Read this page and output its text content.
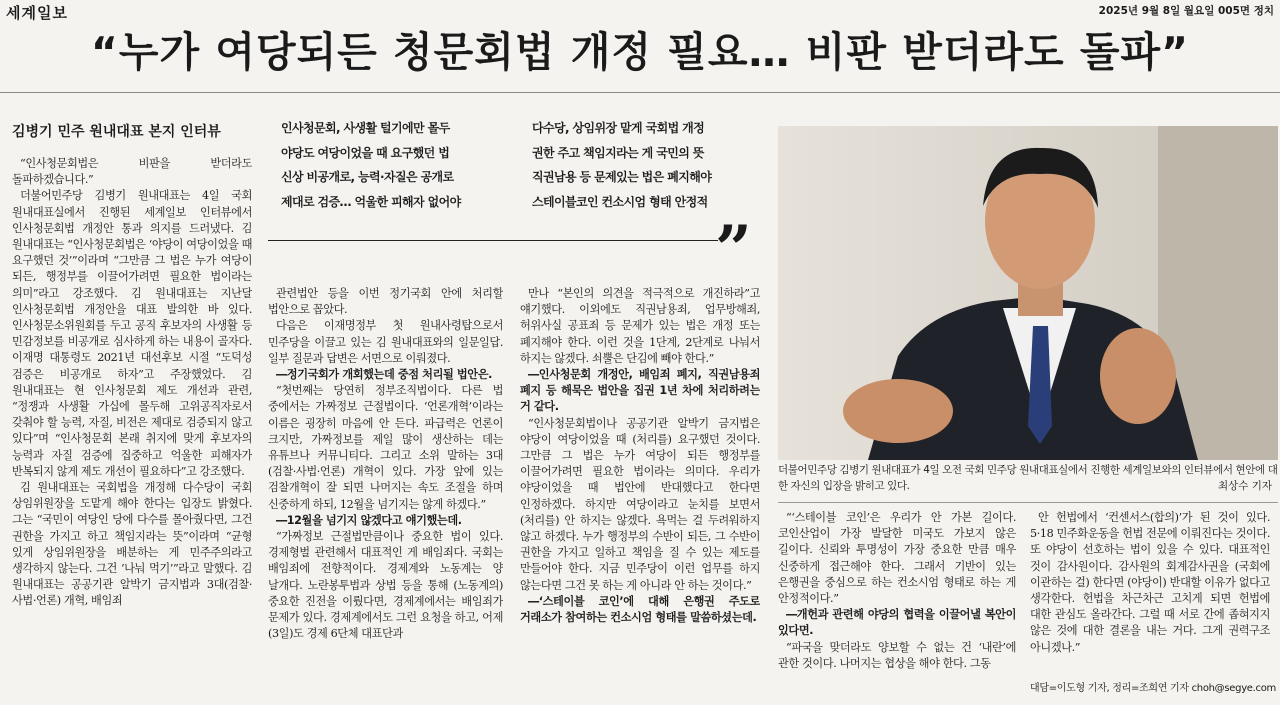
세계일보	2025년 9월 8일 월요일 005면 정치
“누가 여당되든 청문회법 개정 필요… 비판 받더라도 돌파”
김병기 민주 원내대표 본지 인터뷰	인사청문회, 사생활 털기에만 몰두
야당도 여당이었을 때 요구했던 법
신상 비공개로, 능력·자질은 공개로
제대로 검증… 억울한 피해자 없어야
다수당, 상임위장 맡게 국회법 개정
권한 주고 책임지라는 게 국민의 뜻
직권남용 등 문제있는 법은 폐지해야
스테이블코인 컨소시엄 형태 안정적
”
더불어민주당 김병기 원내대표가 4일 오전 국회 민주당 원내대표실에서 진행한 세계일보와의 인터뷰에서 현안에 대한 자신의 입장을 밝히고 있다.	최상수 기자

“인사청문회법은 비판을 받더라도 돌파하겠습니다.”

더불어민주당 김병기 원내대표는 4일 국회 원내대표실에서 진행된 세계일보 인터뷰에서 인사청문회법 개정안 통과 의지를 드러냈다. 김 원내대표는 “인사청문회법은 ‘야당이 여당이었을 때 요구했던 것’”이라며 “그만큼 그 법은 누가 여당이 되든, 행정부를 이끌어가려면 필요한 법이라는 의미”라고 강조했다. 김 원내대표는 지난달 인사청문회법 개정안을 대표 발의한 바 있다. 인사청문소위원회를 두고 공직 후보자의 사생활 등 민감정보를 비공개로 심사하게 하는 내용이 골자다. 이재명 대통령도 2021년 대선후보 시절 “도덕성 검증은 비공개로 하자”고 주장했었다. 김 원내대표는 현 인사청문회 제도 개선과 관련, “정쟁과 사생활 가십에 몰두해 고위공직자로서 갖춰야 할 능력, 자질, 비전은 제대로 검증되지 않고 있다”며 “인사청문회 본래 취지에 맞게 후보자의 능력과 자질 검증에 집중하고 억울한 피해자가 반복되지 않게 제도 개선이 필요하다”고 강조했다.

김 원내대표는 국회법을 개정해 다수당이 국회 상임위원장을 도맡게 해야 한다는 입장도 밝혔다. 그는 “국민이 여당인 당에 다수를 몰아줬다면, 그건 권한을 가지고 하고 책임지라는 뜻”이라며 “균형 있게 상임위원장을 배분하는 게 민주주의라고 생각하지 않는다. 그건 ‘나눠 먹기’”라고 말했다. 김 원내대표는 공공기관 알박기 금지법과 3대(검찰·사법·언론) 개혁, 배임죄

관련법안 등을 이번 정기국회 안에 처리할 법안으로 꼽았다.

다음은 이재명정부 첫 원내사령탑으로서 민주당을 이끌고 있는 김 원내대표와의 일문일답. 일부 질문과 답변은 서면으로 이뤄졌다.

―정기국회가 개회했는데 중점 처리될 법안은.

“첫번째는 당연히 정부조직법이다. 다른 법 중에서는 가짜정보 근절법이다. ‘언론개혁’이라는 이름은 굉장히 마음에 안 든다. 파급력은 언론이 크지만, 가짜정보를 제일 많이 생산하는 데는 유튜브나 커뮤니티다. 그리고 소위 말하는 3대(검찰·사법·언론) 개혁이 있다. 가장 앞에 있는 검찰개혁이 잘 되면 나머지는 속도 조절을 하며 신중하게 하되, 12월을 넘기지는 않게 하겠다.”

―12월을 넘기지 않겠다고 얘기했는데.

“가짜정보 근절법만큼이나 중요한 법이 있다. 경제형벌 관련해서 대표적인 게 배임죄다. 국회는 배임죄에 전향적이다. 경제계와 노동계는 양 날개다. 노란봉투법과 상법 등을 통해 (노동계의) 중요한 진전을 이뤘다면, 경제계에서는 배임죄가 문제가 있다. 경제계에서도 그런 요청을 하고, 어제(3일)도 경제 6단체 대표단과

만나 “본인의 의견을 적극적으로 개진하라”고 얘기했다. 이외에도 직권남용죄, 업무방해죄, 허위사실 공표죄 등 문제가 있는 법은 개정 또는 폐지해야 한다. 이런 것을 1단계, 2단계로 나눠서 하지는 않겠다. 쇠뿔은 단김에 빼야 한다.”

―인사청문회 개정안, 배임죄 폐지, 직권남용죄 폐지 등 해묵은 법안을 집권 1년 차에 처리하려는 거 같다.

“인사청문회법이나 공공기관 알박기 금지법은 야당이 여당이었을 때 (처리를) 요구했던 것이다. 그만큼 그 법은 누가 여당이 되든 행정부를 이끌어가려면 필요한 법이라는 의미다. 우리가 야당이었을 때 법안에 반대했다고 한다면 인정하겠다. 하지만 여당이라고 눈치를 보면서 (처리를) 안 하지는 않겠다. 욕먹는 걸 두려워하지 않고 하겠다. 누가 행정부의 수반이 되든, 그 수반이 권한을 가지고 일하고 책임을 질 수 있는 제도를 만들어야 한다. 지금 민주당이 이런 업무를 하지 않는다면 그건 못 하는 게 아니라 안 하는 것이다.”

―‘스테이블 코인’에 대해 은행권 주도로 거래소가 참여하는 컨소시엄 형태를 말씀하셨는데.

“‘스테이블 코인’은 우리가 안 가본 길이다. 코인산업이 가장 발달한 미국도 가보지 않은 길이다. 신뢰와 투명성이 가장 중요한 만큼 매우 신중하게 접근해야 한다. 그래서 기반이 있는 은행권을 중심으로 하는 컨소시엄 형태로 하는 게 안정적이다.”

―개헌과 관련해 야당의 협력을 이끌어낼 복안이 있다면.

“파국을 맞더라도 양보할 수 없는 건 ‘내란’에 관한 것이다. 나머지는 협상을 해야 한다. 그동

안 헌법에서 ‘컨센서스(합의)’가 된 것이 있다. 5·18 민주화운동을 헌법 전문에 이뤄진다는 것이다. 또 야당이 선호하는 법이 있을 수 있다. 대표적인 것이 감사원이다. 감사원의 회계감사권을 (국회에 이관하는 걸) 한다면 (야당이) 반대할 이유가 없다고 생각한다. 헌법을 차근차근 고치게 되면 헌법에 대한 관심도 올라간다. 그럴 때 서로 간에 좁혀지지 않은 것에 대한 결론을 내는 거다. 그게 권력구조 아니겠나.”

대담=이도형 기자, 정리=조희연 기자 choh@segye.com
